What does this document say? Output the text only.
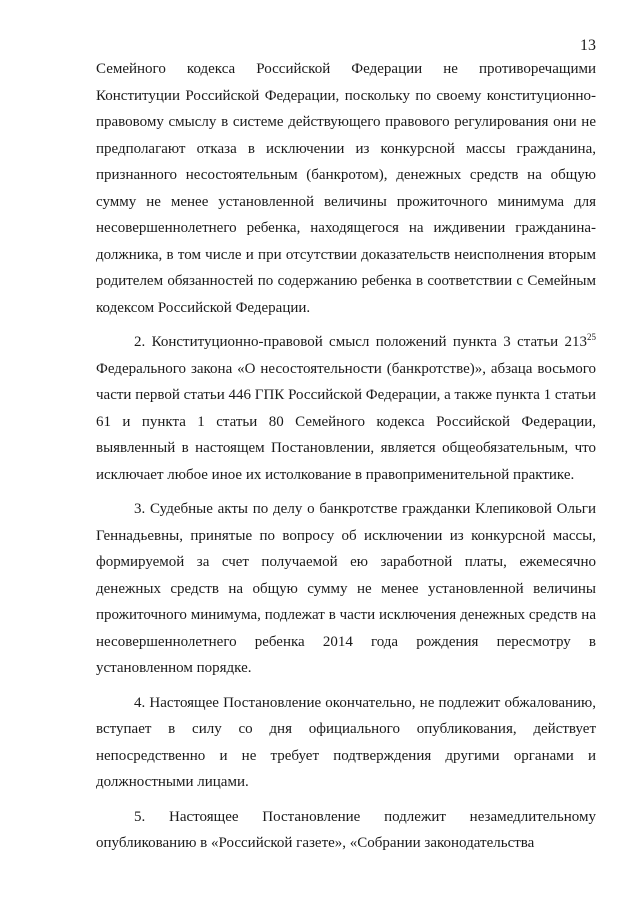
13

Семейного кодекса Российской Федерации не противоречащими Конституции Российской Федерации, поскольку по своему конституционно-правовому смыслу в системе действующего правового регулирования они не предполагают отказа в исключении из конкурсной массы гражданина, признанного несостоятельным (банкротом), денежных средств на общую сумму не менее установленной величины прожиточного минимума для несовершеннолетнего ребенка, находящегося на иждивении гражданина-должника, в том числе и при отсутствии доказательств неисполнения вторым родителем обязанностей по содержанию ребенка в соответствии с Семейным кодексом Российской Федерации.

2. Конституционно-правовой смысл положений пункта 3 статьи $213^{25}$ Федерального закона «О несостоятельности (банкротстве)», абзаца восьмого части первой статьи 446 ГПК Российской Федерации, а также пункта 1 статьи 61 и пункта 1 статьи 80 Семейного кодекса Российской Федерации, выявленный в настоящем Постановлении, является общеобязательным, что исключает любое иное их истолкование в правоприменительной практике.

3. Судебные акты по делу о банкротстве гражданки Клепиковой Ольги Геннадьевны, принятые по вопросу об исключении из конкурсной массы, формируемой за счет получаемой ею заработной платы, ежемесячно денежных средств на общую сумму не менее установленной величины прожиточного минимума, подлежат в части исключения денежных средств на несовершеннолетнего ребенка 2014 года рождения пересмотру в установленном порядке.

4. Настоящее Постановление окончательно, не подлежит обжалованию, вступает в силу со дня официального опубликования, действует непосредственно и не требует подтверждения другими органами и должностными лицами.

5. Настоящее Постановление подлежит незамедлительному опубликованию в «Российской газете», «Собрании законодательства
